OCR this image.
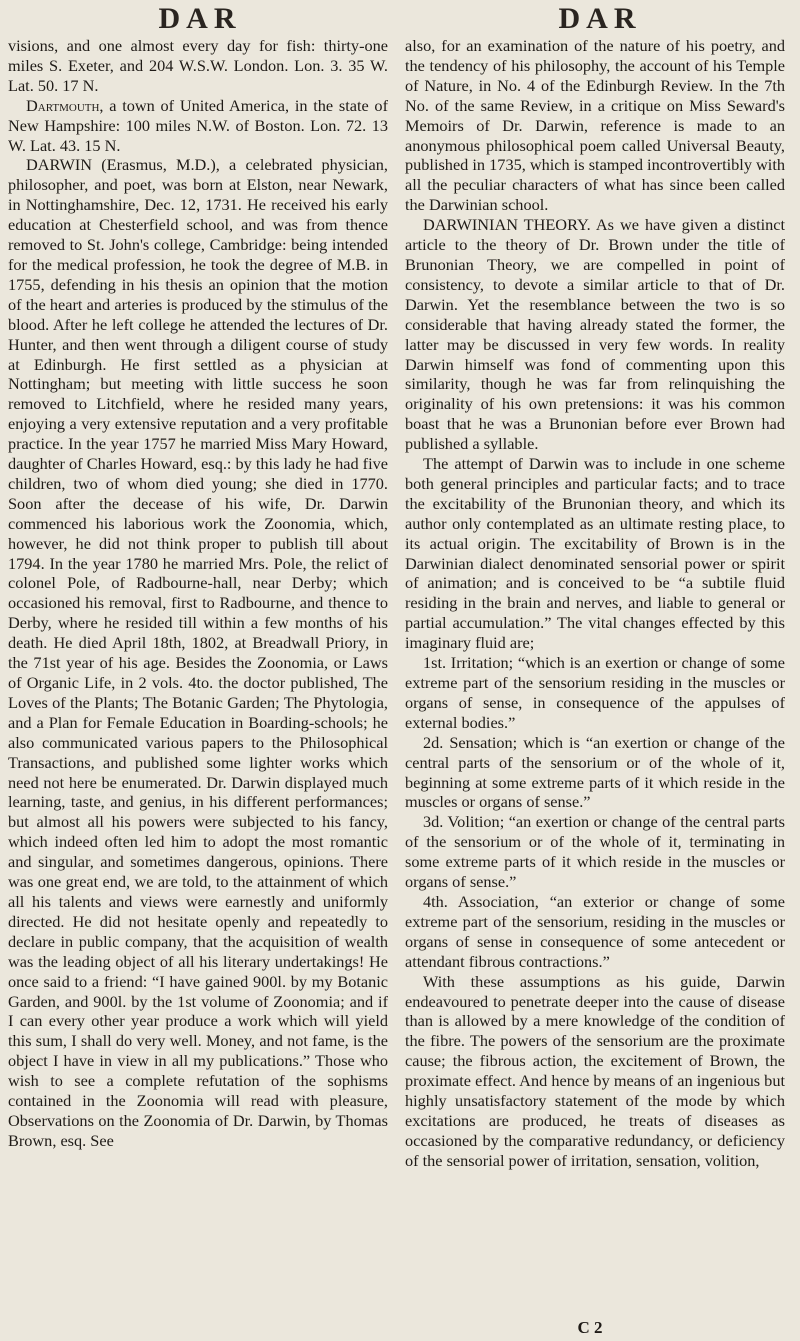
DAR	DAR

visions, and one almost every day for fish: thirty-one miles S. Exeter, and 204 W.S.W. London. Lon. 3. 35 W. Lat. 50. 17 N.

Dartmouth, a town of United America, in the state of New Hampshire: 100 miles N.W. of Boston. Lon. 72. 13 W. Lat. 43. 15 N.

DARWIN (Erasmus, M.D.), a celebrated physician, philosopher, and poet, was born at Elston, near Newark, in Nottinghamshire, Dec. 12, 1731. He received his early education at Chesterfield school, and was from thence removed to St. John's college, Cambridge: being intended for the medical profession, he took the degree of M.B. in 1755, defending in his thesis an opinion that the motion of the heart and arteries is produced by the stimulus of the blood. After he left college he attended the lectures of Dr. Hunter, and then went through a diligent course of study at Edinburgh. He first settled as a physician at Nottingham; but meeting with little success he soon removed to Litchfield, where he resided many years, enjoying a very extensive reputation and a very profitable practice. In the year 1757 he married Miss Mary Howard, daughter of Charles Howard, esq.: by this lady he had five children, two of whom died young; she died in 1770. Soon after the decease of his wife, Dr. Darwin commenced his laborious work the Zoonomia, which, however, he did not think proper to publish till about 1794. In the year 1780 he married Mrs. Pole, the relict of colonel Pole, of Radbourne-hall, near Derby; which occasioned his removal, first to Radbourne, and thence to Derby, where he resided till within a few months of his death. He died April 18th, 1802, at Breadwall Priory, in the 71st year of his age. Besides the Zoonomia, or Laws of Organic Life, in 2 vols. 4to. the doctor published, The Loves of the Plants; The Botanic Garden; The Phytologia, and a Plan for Female Education in Boarding-schools; he also communicated various papers to the Philosophical Transactions, and published some lighter works which need not here be enumerated. Dr. Darwin displayed much learning, taste, and genius, in his different performances; but almost all his powers were subjected to his fancy, which indeed often led him to adopt the most romantic and singular, and sometimes dangerous, opinions. There was one great end, we are told, to the attainment of which all his talents and views were earnestly and uniformly directed. He did not hesitate openly and repeatedly to declare in public company, that the acquisition of wealth was the leading object of all his literary undertakings! He once said to a friend: “I have gained 900l. by my Botanic Garden, and 900l. by the 1st volume of Zoonomia; and if I can every other year produce a work which will yield this sum, I shall do very well. Money, and not fame, is the object I have in view in all my publications.” Those who wish to see a complete refutation of the sophisms contained in the Zoonomia will read with pleasure, Observations on the Zoonomia of Dr. Darwin, by Thomas Brown, esq. See

also, for an examination of the nature of his poetry, and the tendency of his philosophy, the account of his Temple of Nature, in No. 4 of the Edinburgh Review. In the 7th No. of the same Review, in a critique on Miss Seward's Memoirs of Dr. Darwin, reference is made to an anonymous philosophical poem called Universal Beauty, published in 1735, which is stamped incontrovertibly with all the peculiar characters of what has since been called the Darwinian school.

DARWINIAN THEORY. As we have given a distinct article to the theory of Dr. Brown under the title of Brunonian Theory, we are compelled in point of consistency, to devote a similar article to that of Dr. Darwin. Yet the resemblance between the two is so considerable that having already stated the former, the latter may be discussed in very few words. In reality Darwin himself was fond of commenting upon this similarity, though he was far from relinquishing the originality of his own pretensions: it was his common boast that he was a Brunonian before ever Brown had published a syllable.

The attempt of Darwin was to include in one scheme both general principles and particular facts; and to trace the excitability of the Brunonian theory, and which its author only contemplated as an ultimate resting place, to its actual origin. The excitability of Brown is in the Darwinian dialect denominated sensorial power or spirit of animation; and is conceived to be “a subtile fluid residing in the brain and nerves, and liable to general or partial accumulation.” The vital changes effected by this imaginary fluid are;

1st. Irritation; “which is an exertion or change of some extreme part of the sensorium residing in the muscles or organs of sense, in consequence of the appulses of external bodies.”

2d. Sensation; which is “an exertion or change of the central parts of the sensorium or of the whole of it, beginning at some extreme parts of it which reside in the muscles or organs of sense.”

3d. Volition; “an exertion or change of the central parts of the sensorium or of the whole of it, terminating in some extreme parts of it which reside in the muscles or organs of sense.”

4th. Association, “an exterior or change of some extreme part of the sensorium, residing in the muscles or organs of sense in consequence of some antecedent or attendant fibrous contractions.”

With these assumptions as his guide, Darwin endeavoured to penetrate deeper into the cause of disease than is allowed by a mere knowledge of the condition of the fibre. The powers of the sensorium are the proximate cause; the fibrous action, the excitement of Brown, the proximate effect. And hence by means of an ingenious but highly unsatisfactory statement of the mode by which excitations are produced, he treats of diseases as occasioned by the comparative redundancy, or deficiency of the sensorial power of irritation, sensation, volition,

C 2
